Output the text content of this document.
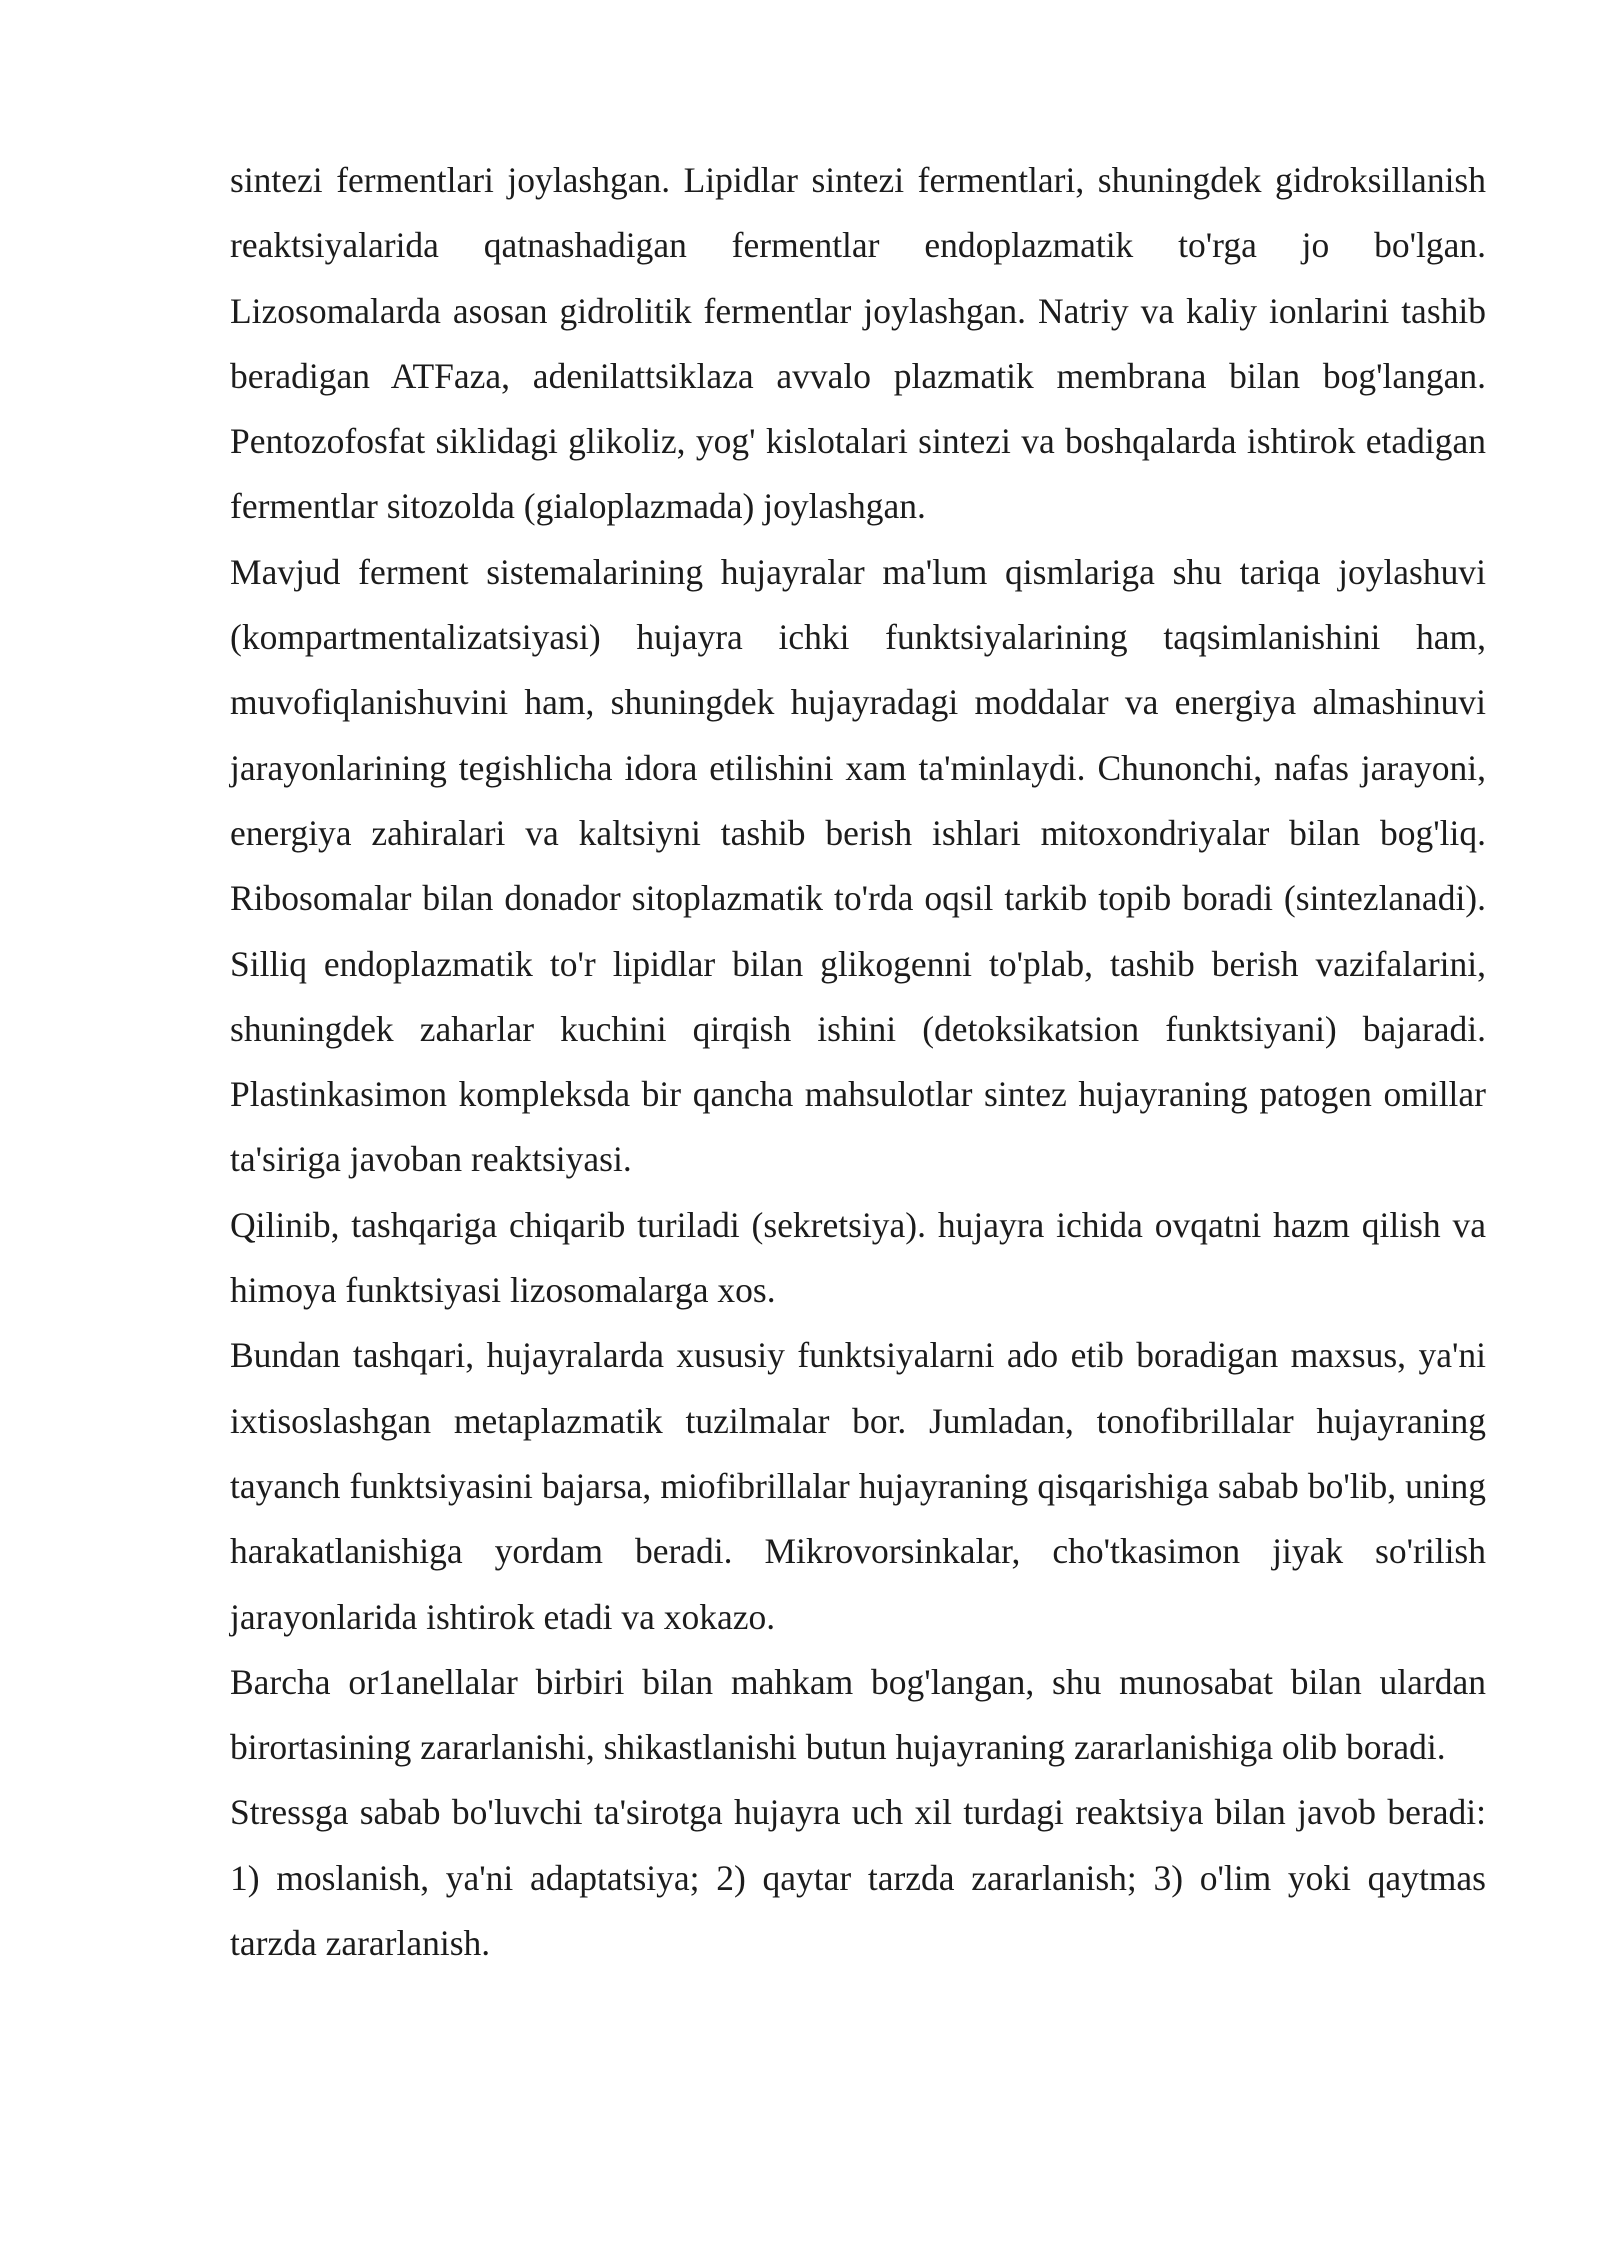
sintezi fermentlari joylashgan. Lipidlar sintezi fermentlari, shuningdek gidroksillanish reaktsiyalarida qatnashadigan fermentlar endoplazmatik to'rga jo bo'lgan. Lizosomalarda asosan gidrolitik fermentlar joylashgan. Natriy va kaliy ionlarini tashib beradigan ATFaza, adenilattsiklaza avvalo plazmatik membrana bilan bog'langan. Pentozofosfat siklidagi glikoliz, yog' kislotalari sintezi va boshqalarda ishtirok etadigan fermentlar sitozolda (gialoplazmada) joylashgan.

Mavjud ferment sistemalarining hujayralar ma'lum qismlariga shu tariqa joylashuvi (kompartmentalizatsiyasi) hujayra ichki funktsiyalarining taqsimlanishini ham, muvofiqlanishuvini ham, shuningdek hujayradagi moddalar va energiya almashinuvi jarayonlarining tegishlicha idora etilishini xam ta'minlaydi. Chunonchi, nafas jarayoni, energiya zahiralari va kaltsiyni tashib berish ishlari mitoxondriyalar bilan bog'liq. Ribosomalar bilan donador sitoplazmatik to'rda oqsil tarkib topib boradi (sintezlanadi). Silliq endoplazmatik to'r lipidlar bilan glikogenni to'plab, tashib berish vazifalarini, shuningdek zaharlar kuchini qirqish ishini (detoksikatsion funktsiyani) bajaradi. Plastinkasimon kompleksda bir qancha mahsulotlar sintez hujayraning patogen omillar ta'siriga javoban reaktsiyasi.

Qilinib, tashqariga chiqarib turiladi (sekretsiya). hujayra ichida ovqatni hazm qilish va himoya funktsiyasi lizosomalarga xos.

Bundan tashqari, hujayralarda xususiy funktsiyalarni ado etib boradigan maxsus, ya'ni ixtisoslashgan metaplazmatik tuzilmalar bor. Jumladan, tonofibrillalar hujayraning tayanch funktsiyasini bajarsa, miofibrillalar hujayraning qisqarishiga sabab bo'lib, uning harakatlanishiga yordam beradi. Mikrovorsinkalar, cho'tkasimon jiyak so'rilish jarayonlarida ishtirok etadi va xokazo.

Barcha or1anellalar birbiri bilan mahkam bog'langan, shu munosabat bilan ulardan birortasining zararlanishi, shikastlanishi butun hujayraning zararlanishiga olib boradi.

Stressga sabab bo'luvchi ta'sirotga hujayra uch xil turdagi reaktsiya bilan javob beradi: 1) moslanish, ya'ni adaptatsiya; 2) qaytar tarzda zararlanish; 3) o'lim yoki qaytmas tarzda zararlanish.
